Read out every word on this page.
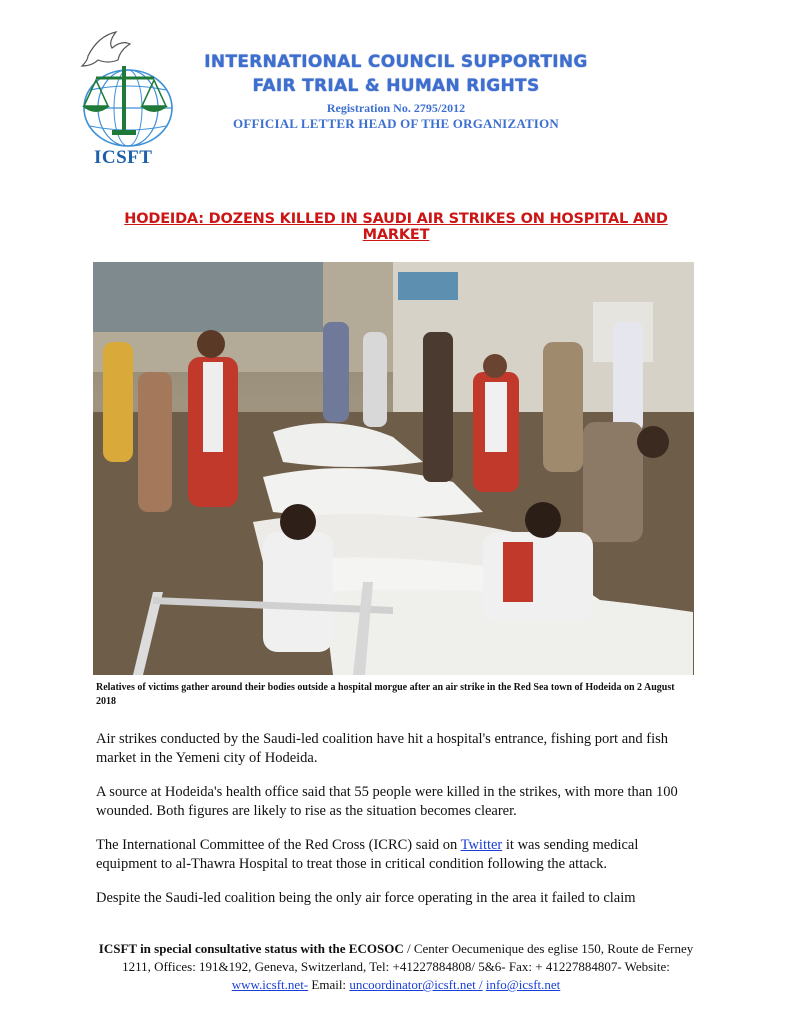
ICSFT
INTERNATIONAL COUNCIL SUPPORTING
FAIR TRIAL & HUMAN RIGHTS
Registration No. 2795/2012
OFFICIAL LETTER HEAD OF THE ORGANIZATION
HODEIDA: DOZENS KILLED IN SAUDI AIR STRIKES ON HOSPITAL AND MARKET
Relatives of victims gather around their bodies outside a hospital morgue after an air strike in the Red Sea town of Hodeida on 2 August 2018

Air strikes conducted by the Saudi-led coalition have hit a hospital's entrance, fishing port and fish market in the Yemeni city of Hodeida.

A source at Hodeida's health office said that 55 people were killed in the strikes, with more than 100 wounded. Both figures are likely to rise as the situation becomes clearer.

The International Committee of the Red Cross (ICRC) said on Twitter it was sending medical equipment to al-Thawra Hospital to treat those in critical condition following the attack.

Despite the Saudi-led coalition being the only air force operating in the area it failed to claim

ICSFT in special consultative status with the ECOSOC / Center Oecumenique des eglise 150, Route de Ferney 1211, Offices: 191&192, Geneva, Switzerland, Tel: +41227884808/ 5&6- Fax: + 41227884807- Website: www.icsft.net- Email: uncoordinator@icsft.net / info@icsft.net
